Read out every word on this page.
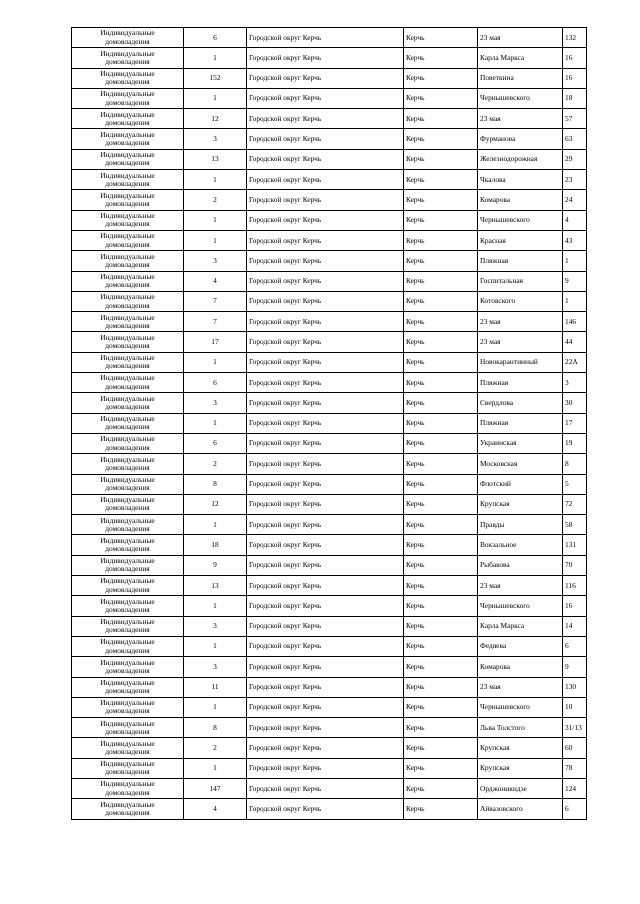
Индивидуальные
домовладения	6	Городской округ Керчь	Керчь	23 мая	132

Индивидуальные
домовладения	1	Городской округ Керчь	Керчь	Карла Маркса	16

Индивидуальные
домовладения	152	Городской округ Керчь	Керчь	Поветкина	16

Индивидуальные
домовладения	1	Городской округ Керчь	Керчь	Чернышевского	18

Индивидуальные
домовладения	12	Городской округ Керчь	Керчь	23 мая	57

Индивидуальные
домовладения	3	Городской округ Керчь	Керчь	Фурманова	63

Индивидуальные
домовладения	13	Городской округ Керчь	Керчь	Железнодорожная	29

Индивидуальные
домовладения	1	Городской округ Керчь	Керчь	Чкалова	23

Индивидуальные
домовладения	2	Городской округ Керчь	Керчь	Комарова	24

Индивидуальные
домовладения	1	Городской округ Керчь	Керчь	Чернышевского	4

Индивидуальные
домовладения	1	Городской округ Керчь	Керчь	Красная	43

Индивидуальные
домовладения	3	Городской округ Керчь	Керчь	Пляжная	1

Индивидуальные
домовладения	4	Городской округ Керчь	Керчь	Госпитальная	9

Индивидуальные
домовладения	7	Городской округ Керчь	Керчь	Котовского	1

Индивидуальные
домовладения	7	Городской округ Керчь	Керчь	23 мая	146

Индивидуальные
домовладения	17	Городской округ Керчь	Керчь	23 мая	44

Индивидуальные
домовладения	1	Городской округ Керчь	Керчь	Новокарантинный	22А

Индивидуальные
домовладения	6	Городской округ Керчь	Керчь	Пляжная	3

Индивидуальные
домовладения	3	Городской округ Керчь	Керчь	Свердлова	30

Индивидуальные
домовладения	1	Городской округ Керчь	Керчь	Пляжная	17

Индивидуальные
домовладения	6	Городской округ Керчь	Керчь	Украинская	19

Индивидуальные
домовладения	2	Городской округ Керчь	Керчь	Московская	8

Индивидуальные
домовладения	8	Городской округ Керчь	Керчь	Флотский	5

Индивидуальные
домовладения	12	Городской округ Керчь	Керчь	Крупская	72

Индивидуальные
домовладения	1	Городской округ Керчь	Керчь	Правды	58

Индивидуальные
домовладения	18	Городской округ Керчь	Керчь	Вокзальное	131

Индивидуальные
домовладения	9	Городской округ Керчь	Керчь	Рыбакова	70

Индивидуальные
домовладения	13	Городской округ Керчь	Керчь	23 мая	116

Индивидуальные
домовладения	1	Городской округ Керчь	Керчь	Чернышевского	16

Индивидуальные
домовладения	3	Городской округ Керчь	Керчь	Карла Маркса	14

Индивидуальные
домовладения	1	Городской округ Керчь	Керчь	Федяева	6

Индивидуальные
домовладения	3	Городской округ Керчь	Керчь	Комарова	9

Индивидуальные
домовладения	11	Городской округ Керчь	Керчь	23 мая	130

Индивидуальные
домовладения	1	Городской округ Керчь	Керчь	Чернышевского	10

Индивидуальные
домовладения	8	Городской округ Керчь	Керчь	Льва Толстого	31/13

Индивидуальные
домовладения	2	Городской округ Керчь	Керчь	Крупская	60

Индивидуальные
домовладения	1	Городской округ Керчь	Керчь	Крупская	78

Индивидуальные
домовладения	147	Городской округ Керчь	Керчь	Орджоникидзе	124

Индивидуальные
домовладения	4	Городской округ Керчь	Керчь	Айвазовского	6
